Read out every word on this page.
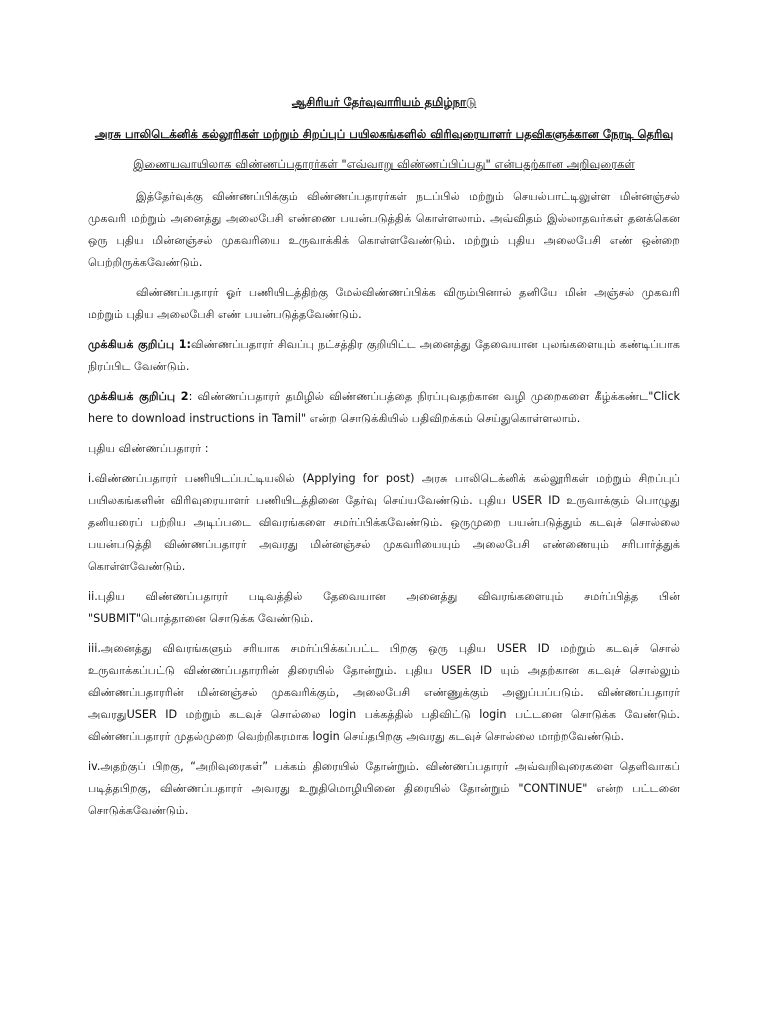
ஆசிரியர் தேர்வுவாரியம் தமிழ்நாடு

அரசு பாலிடெக்னிக் கல்லூரிகள் மற்றும் சிறப்புப் பயிலகங்களில் விரிவுரையாளர் பதவிகளுக்கான நேரடி தெரிவு

இணையவாயிலாக விண்ணப்பதாரர்கள் "எவ்வாறு விண்ணப்பிப்பது" என்பதற்கான அறிவுரைகள்

இத்தேர்வுக்கு விண்ணப்பிக்கும் விண்ணப்பதாரர்கள் நடப்பில் மற்றும் செயல்பாட்டிலுள்ள மின்னஞ்சல் முகவரி மற்றும் அனைத்து அலைபேசி எண்ணை பயன்படுத்திக் கொள்ளலாம். அவ்விதம் இல்லாதவர்கள் தனக்கென ஒரு புதிய மின்னஞ்சல் முகவரியை உருவாக்கிக் கொள்ளவேண்டும். மற்றும் புதிய அலைபேசி எண் ஒன்றை பெற்றிருக்கவேண்டும்.

விண்ணப்பதாரர் ஓர் பணியிடத்திற்கு மேல்விண்ணப்பிக்க விரும்பினால் தனியே மின் அஞ்சல் முகவரி மற்றும் புதிய அலைபேசி எண் பயன்படுத்தவேண்டும்.

முக்கியக் குறிப்பு 1:விண்ணப்பதாரர் சிவப்பு நட்சத்திர குறியிட்ட அனைத்து தேவையான புலங்களையும் கண்டிப்பாக நிரப்பிட வேண்டும்.

முக்கியக் குறிப்பு 2: விண்ணப்பதாரர் தமிழில் விண்ணப்பத்தை நிரப்புவதற்கான வழி முறைகளை கீழ்க்கண்ட"Click here to download instructions in Tamil" என்ற சொடுக்கியில் பதிவிறக்கம் செய்துகொள்ளலாம்.

புதிய விண்ணப்பதாரர் :

i.விண்ணப்பதாரர் பணியிடப்பட்டியலில் (Applying for post) அரசு பாலிடெக்னிக் கல்லூரிகள் மற்றும் சிறப்புப் பயிலகங்களின் விரிவுரையாளர் பணியிடத்தினை தேர்வு செய்யவேண்டும். புதிய USER ID உருவாக்கும் பொழுது தனியரைப் பற்றிய அடிப்படை விவரங்களை சமர்ப்பிக்கவேண்டும். ஒருமுறை பயன்படுத்தும் கடவுச் சொல்லை பயன்படுத்தி விண்ணப்பதாரர் அவரது மின்னஞ்சல் முகவரியையும் அலைபேசி எண்ணையும் சரிபார்த்துக் கொள்ளவேண்டும்.

ii.புதிய விண்ணப்பதாரர் படிவத்தில் தேவையான அனைத்து விவரங்களையும் சமர்ப்பித்த பின் "SUBMIT"பொத்தானை சொடுக்க வேண்டும்.

iii.அனைத்து விவரங்களும் சரியாக சமர்ப்பிக்கப்பட்ட பிறகு ஒரு புதிய USER ID மற்றும் கடவுச் சொல் உருவாக்கப்பட்டு விண்ணப்பதாரரின் திரையில் தோன்றும். புதிய USER ID யும் அதற்கான கடவுச் சொல்லும் விண்ணப்பதாரரின் மின்னஞ்சல் முகவரிக்கும், அலைபேசி எண்ணுக்கும் அனுப்பப்படும். விண்ணப்பதாரர் அவரதுUSER ID மற்றும் கடவுச் சொல்லை login பக்கத்தில் பதிவிட்டு login பட்டனை சொடுக்க வேண்டும். விண்ணப்பதாரர் முதல்முறை வெற்றிகரமாக login செய்தபிறகு அவரது கடவுச் சொல்லை மாற்றவேண்டும்.

iv.அதற்குப் பிறகு, “அறிவுரைகள்” பக்கம் திரையில் தோன்றும். விண்ணப்பதாரர் அவ்வறிவுரைகளை தெளிவாகப் படித்தபிறகு, விண்ணப்பதாரர் அவரது உறுதிமொழியினை திரையில் தோன்றும் "CONTINUE" என்ற பட்டனை சொடுக்கவேண்டும்.
